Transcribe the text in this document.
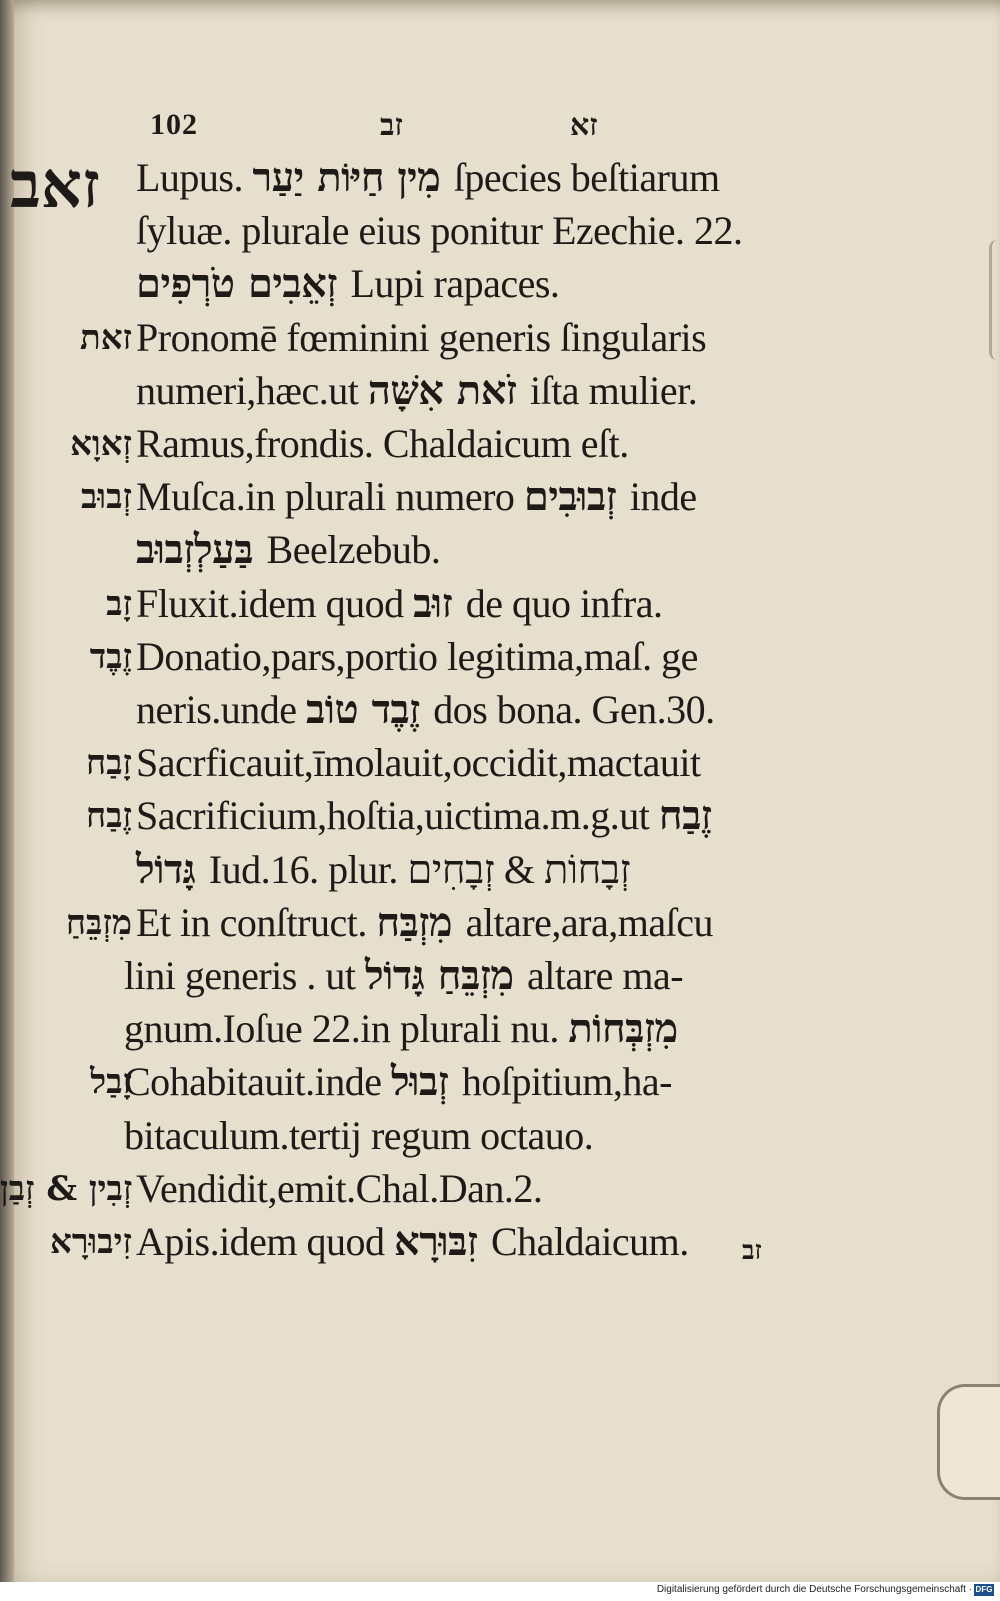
102	זב	זא
זאב Lupus. מִין חַיּוֹת יַעַר ſpecies beſtiarum
ſyluæ. plurale eius ponitur Ezechie. 22.
זְאֵבִים טֹרְפִים Lupi rapaces.
זאת Pronomē fœminini generis ſingularis
numeri,hæc.ut זֹאת אִשָּׁה iſta mulier.
זְאוָא Ramus,frondis. Chaldaicum eſt.
זְבוּב Muſca.in plurali numero זְבוּבִים inde
בַּעַלְזְבוּב Beelzebub.
זָב Fluxit.idem quod זוּב de quo infra.
זֶבֶד Donatio,pars,portio legitima,maſ. ge
neris.unde זֶבֶד טוֹב dos bona. Gen.30.
זָבַח Sacrficauit,īmolauit,occidit,mactauit
זֶבַח Sacrificium,hoſtia,uictima.m.g.ut זֶבַח
גָּדוֹל Iud.16. plur. זְבָחוֹת & זְבָחִים
מִזְבֵּחַ Et in conſtruct. מִזְבַּח altare,ara,maſcu
lini generis . ut מִזְבֵּחַ גָּדוֹל altare ma-
gnum.Ioſue 22.in plurali nu. מִזְבְּחוֹת
זָבַל
Cohabitauit.inde זְבוּל hoſpitium,ha-
bitaculum.tertij regum octauo.
זְבִין & זְבַן Vendidit,emit.Chal.Dan.2.
זִיבוּרָא Apis.idem quod זִבּוּרָא Chaldaicum. זב
Digitalisierung gefördert durch die Deutsche Forschungsgemeinschaft · DFG
